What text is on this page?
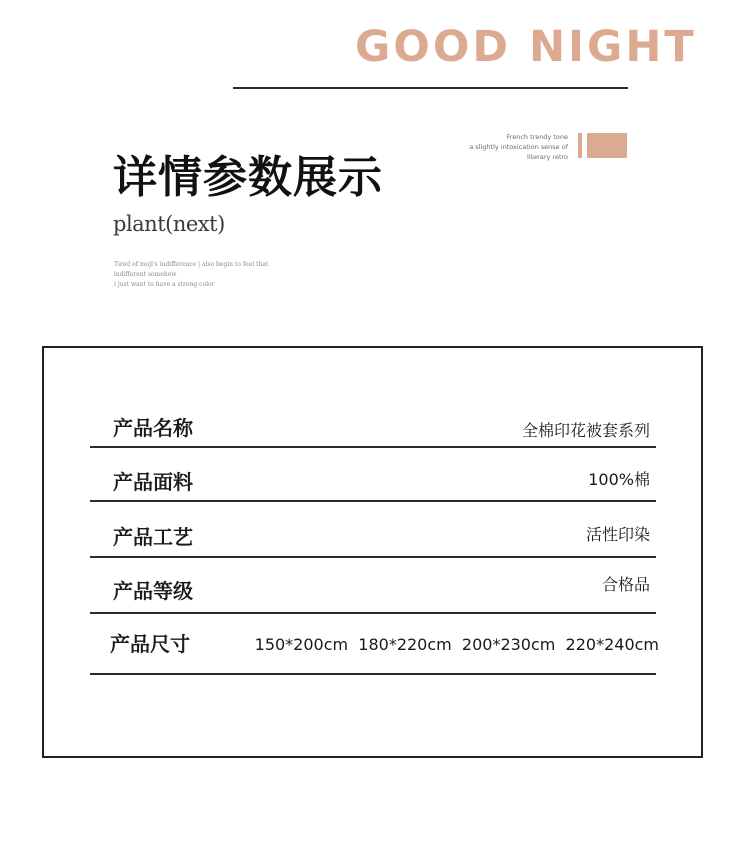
GOOD NIGHT
French trendy tone
a slightly intoxication sense of
literary retro
详情参数展示
plant(next)
Tired of moji's indifference | also begin to feel that
indifferent somehow
i just want to have a strong color
产品名称	全棉印花被套系列
产品面料	100%棉
产品工艺	活性印染
产品等级	合格品
产品尺寸	150*200cm  180*220cm  200*230cm  220*240cm
